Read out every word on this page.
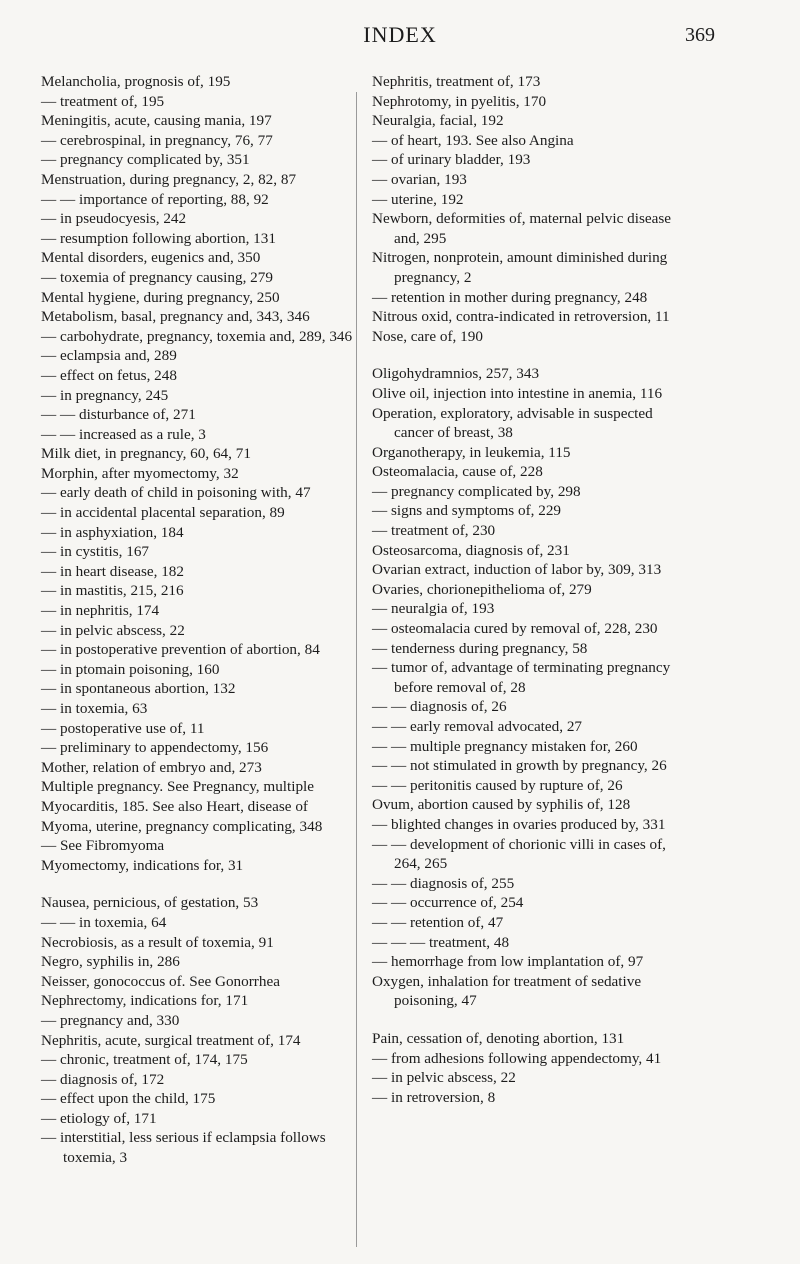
INDEX	369
Melancholia, prognosis of, 195
— treatment of, 195
Meningitis, acute, causing mania, 197
— cerebrospinal, in pregnancy, 76, 77
— pregnancy complicated by, 351
Menstruation, during pregnancy, 2, 82, 87
— — importance of reporting, 88, 92
— in pseudocyesis, 242
— resumption following abortion, 131
Mental disorders, eugenics and, 350
— toxemia of pregnancy causing, 279
Mental hygiene, during pregnancy, 250
Metabolism, basal, pregnancy and, 343, 346
— carbohydrate, pregnancy, toxemia and, 289, 346
— eclampsia and, 289
— effect on fetus, 248
— in pregnancy, 245
— — disturbance of, 271
— — increased as a rule, 3
Milk diet, in pregnancy, 60, 64, 71
Morphin, after myomectomy, 32
— early death of child in poisoning with, 47
— in accidental placental separation, 89
— in asphyxiation, 184
— in cystitis, 167
— in heart disease, 182
— in mastitis, 215, 216
— in nephritis, 174
— in pelvic abscess, 22
— in postoperative prevention of abortion, 84
— in ptomain poisoning, 160
— in spontaneous abortion, 132
— in toxemia, 63
— postoperative use of, 11
— preliminary to appendectomy, 156
Mother, relation of embryo and, 273
Multiple pregnancy. See Pregnancy, multiple
Myocarditis, 185. See also Heart, disease of
Myoma, uterine, pregnancy complicating, 348
— See Fibromyoma
Myomectomy, indications for, 31
Nausea, pernicious, of gestation, 53
— — in toxemia, 64
Necrobiosis, as a result of toxemia, 91
Negro, syphilis in, 286
Neisser, gonococcus of. See Gonorrhea
Nephrectomy, indications for, 171
— pregnancy and, 330
Nephritis, acute, surgical treatment of, 174
— chronic, treatment of, 174, 175
— diagnosis of, 172
— effect upon the child, 175
— etiology of, 171
— interstitial, less serious if eclampsia follows toxemia, 3
Nephritis, treatment of, 173
Nephrotomy, in pyelitis, 170
Neuralgia, facial, 192
— of heart, 193. See also Angina
— of urinary bladder, 193
— ovarian, 193
— uterine, 192
Newborn, deformities of, maternal pelvic disease and, 295
Nitrogen, nonprotein, amount diminished during pregnancy, 2
— retention in mother during pregnancy, 248
Nitrous oxid, contra-indicated in retroversion, 11
Nose, care of, 190
Oligohydramnios, 257, 343
Olive oil, injection into intestine in anemia, 116
Operation, exploratory, advisable in suspected cancer of breast, 38
Organotherapy, in leukemia, 115
Osteomalacia, cause of, 228
— pregnancy complicated by, 298
— signs and symptoms of, 229
— treatment of, 230
Osteosarcoma, diagnosis of, 231
Ovarian extract, induction of labor by, 309, 313
Ovaries, chorionepithelioma of, 279
— neuralgia of, 193
— osteomalacia cured by removal of, 228, 230
— tenderness during pregnancy, 58
— tumor of, advantage of terminating pregnancy before removal of, 28
— — diagnosis of, 26
— — early removal advocated, 27
— — multiple pregnancy mistaken for, 260
— — not stimulated in growth by pregnancy, 26
— — peritonitis caused by rupture of, 26
Ovum, abortion caused by syphilis of, 128
— blighted changes in ovaries produced by, 331
— — development of chorionic villi in cases of, 264, 265
— — diagnosis of, 255
— — occurrence of, 254
— — retention of, 47
— — — treatment, 48
— hemorrhage from low implantation of, 97
Oxygen, inhalation for treatment of sedative poisoning, 47
Pain, cessation of, denoting abortion, 131
— from adhesions following appendectomy, 41
— in pelvic abscess, 22
— in retroversion, 8
